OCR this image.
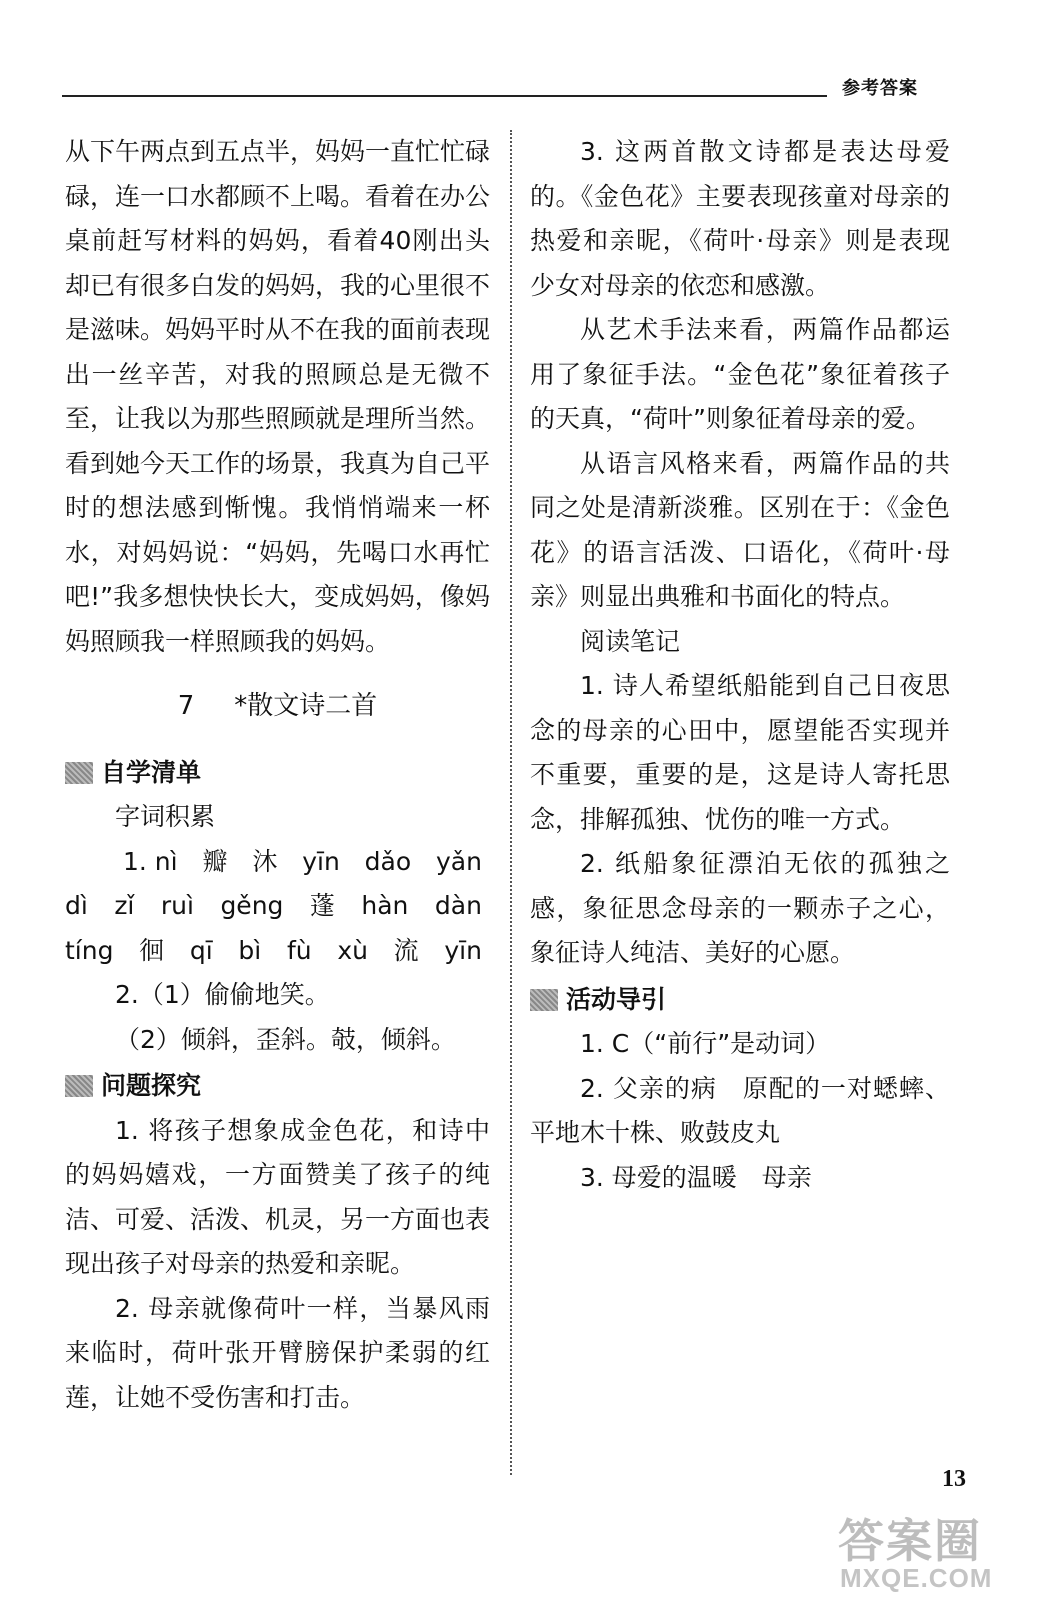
参考答案

从下午两点到五点半，妈妈一直忙忙碌碌，连一口水都顾不上喝。看着在办公桌前赶写材料的妈妈，看着40刚出头却已有很多白发的妈妈，我的心里很不是滋味。妈妈平时从不在我的面前表现出一丝辛苦，对我的照顾总是无微不至，让我以为那些照顾就是理所当然。看到她今天工作的场景，我真为自己平时的想法感到惭愧。我悄悄端来一杯水，对妈妈说：“妈妈，先喝口水再忙吧!”我多想快快长大，变成妈妈，像妈妈照顾我一样照顾我的妈妈。

7 *散文诗二首
自学清单

字词积累

1. nì 瓣 沐 yīn dǎo yǎn
dì zǐ ruì gěng 蓬 hàn dàn
tíng 徊 qī bì fù xù 流 yīn

2.（1）偷偷地笑。

（2）倾斜，歪斜。攲，倾斜。

问题探究

1. 将孩子想象成金色花，和诗中的妈妈嬉戏，一方面赞美了孩子的纯洁、可爱、活泼、机灵，另一方面也表现出孩子对母亲的热爱和亲昵。

2. 母亲就像荷叶一样，当暴风雨来临时，荷叶张开臂膀保护柔弱的红莲，让她不受伤害和打击。

3. 这两首散文诗都是表达母爱的。《金色花》主要表现孩童对母亲的热爱和亲昵，《荷叶·母亲》则是表现少女对母亲的依恋和感激。

从艺术手法来看，两篇作品都运用了象征手法。“金色花”象征着孩子的天真，“荷叶”则象征着母亲的爱。

从语言风格来看，两篇作品的共同之处是清新淡雅。区别在于：《金色花》的语言活泼、口语化，《荷叶·母亲》则显出典雅和书面化的特点。

阅读笔记

1. 诗人希望纸船能到自己日夜思念的母亲的心田中，愿望能否实现并不重要，重要的是，这是诗人寄托思念，排解孤独、忧伤的唯一方式。

2. 纸船象征漂泊无依的孤独之感，象征思念母亲的一颗赤子之心，象征诗人纯洁、美好的心愿。

活动导引

1. C（“前行”是动词）

2. 父亲的病　原配的一对蟋蟀、平地木十株、败鼓皮丸

3. 母爱的温暖　母亲

13
答案圈
MXQE.COM
